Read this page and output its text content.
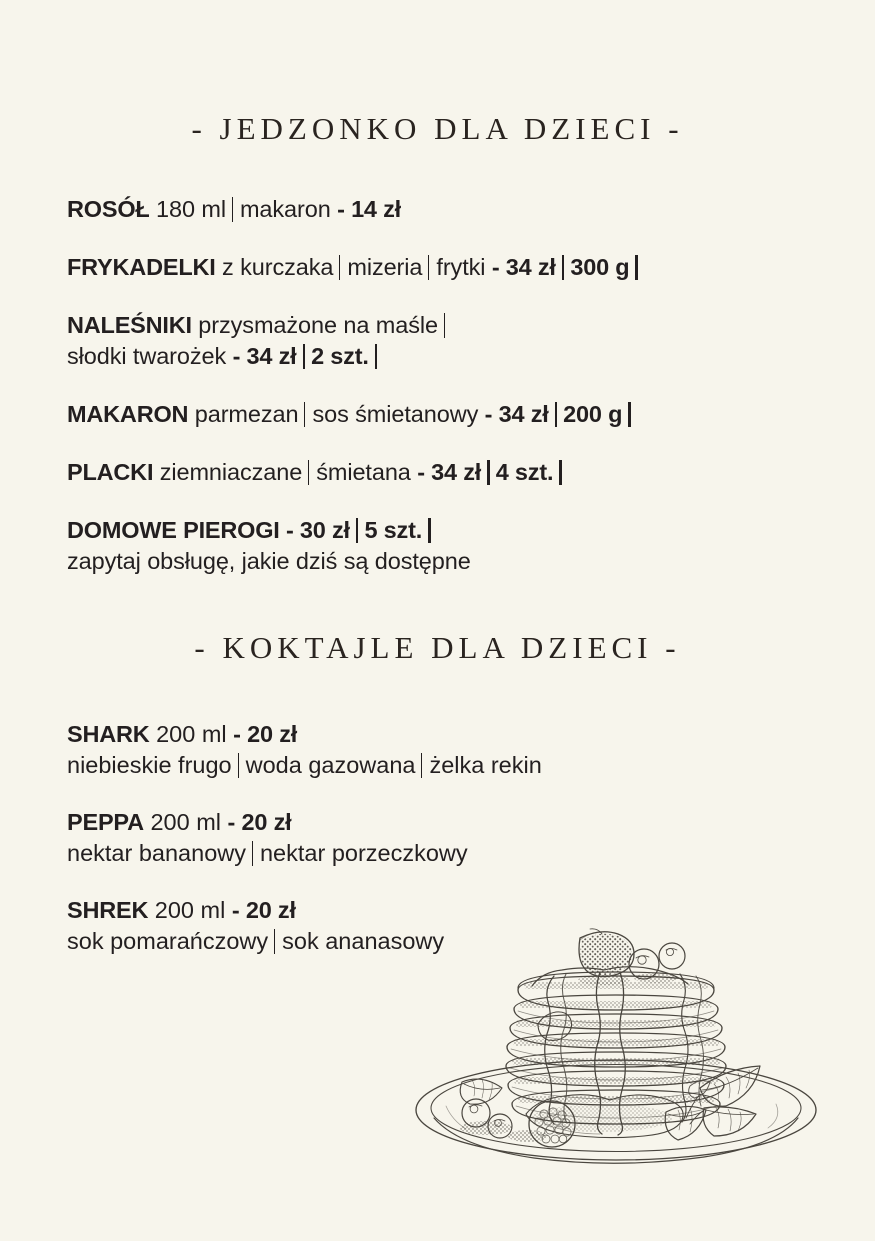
- JEDZONKO DLA DZIECI -
ROSÓŁ 180 ml makaron - 14 zł
FRYKADELKI z kurczaka mizeria frytki - 34 zł 300 g
NALEŚNIKI przysmażone na maśle
słodki twarożek - 34 zł 2 szt.
MAKARON parmezan sos śmietanowy - 34 zł 200 g
PLACKI ziemniaczane śmietana - 34 zł 4 szt.
DOMOWE PIEROGI - 30 zł 5 szt.
zapytaj obsługę, jakie dziś są dostępne
- KOKTAJLE DLA DZIECI -
SHARK 200 ml - 20 zł
niebieskie frugo woda gazowana żelka rekin
PEPPA 200 ml - 20 zł
nektar bananowy nektar porzeczkowy
SHREK 200 ml - 20 zł
sok pomarańczowy sok ananasowy
